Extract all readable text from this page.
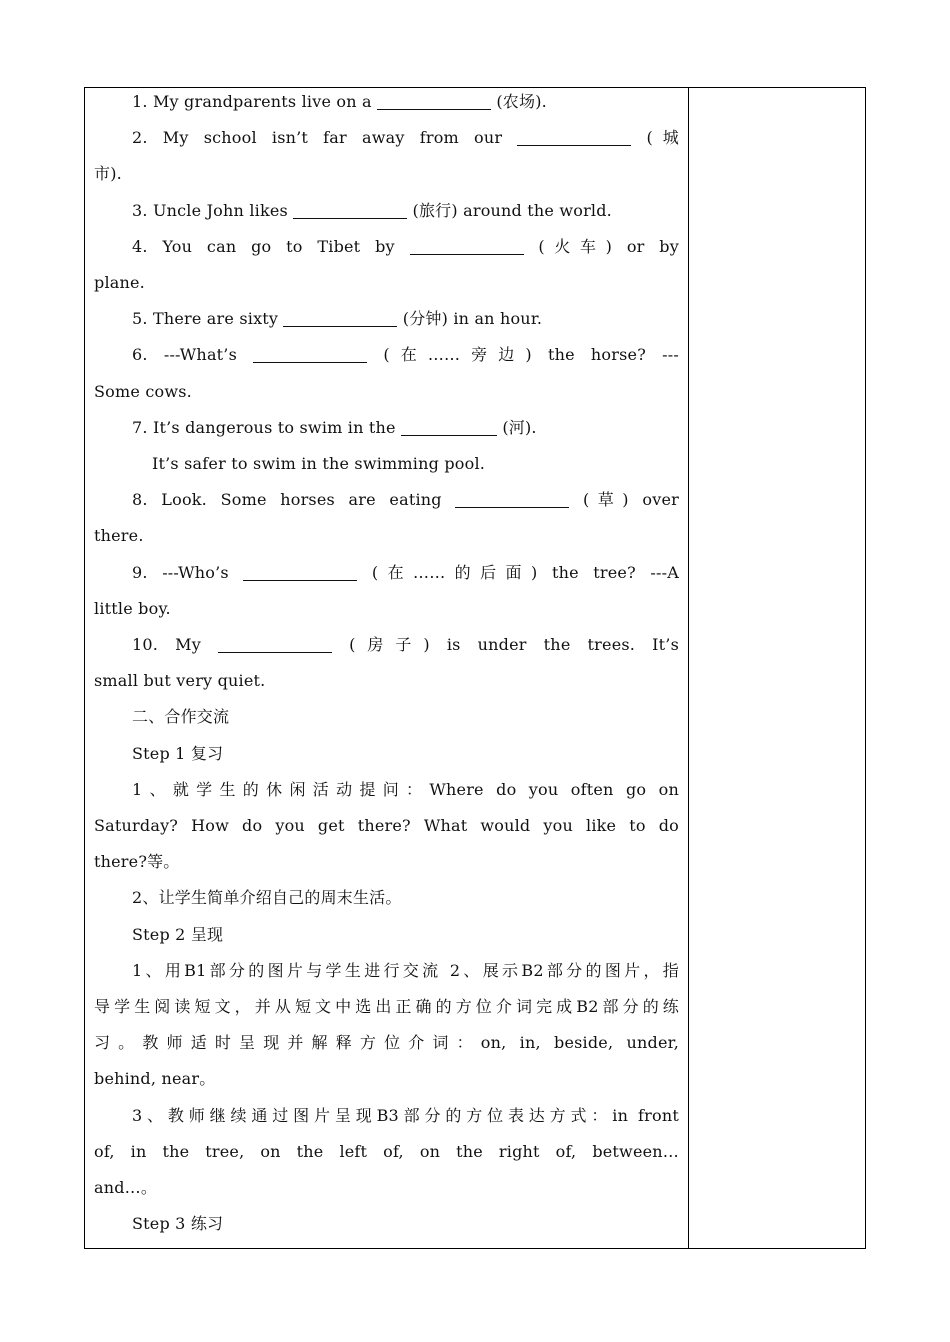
1. My grandparents live on a	(农场).

2. My school isn’t far away from our	(城

市).

3. Uncle John likes	(旅行) around the world.

4. You can go to Tibet by	(火车) or by

plane.

5. There are sixty	(分钟) in an hour.

6. ---What’s	(在……旁边) the horse? ---

Some cows.

7. It’s dangerous to swim in the	(河).

It’s safer to swim in the swimming pool.

8. Look. Some horses are eating	(草) over

there.

9. ---Who’s	(在……的后面) the tree? ---A

little boy.

10. My	(房子) is under the trees. It’s

small but very quiet.

二、合作交流

Step 1 复习

1、就学生的休闲活动提问：Where do you often go on

Saturday? How do you get there? What would you like to do

there?等。

2、让学生简单介绍自己的周末生活。

Step 2 呈现

1、用B1部分的图片与学生进行交流 2、展示B2部分的图片，指

导学生阅读短文，并从短文中选出正确的方位介词完成B2部分的练

习。教师适时呈现并解释方位介词：on, in, beside, under,

behind, near。

3、教师继续通过图片呈现B3部分的方位表达方式：in front

of, in the tree, on the left of, on the right of, between…

and…。

Step 3 练习
